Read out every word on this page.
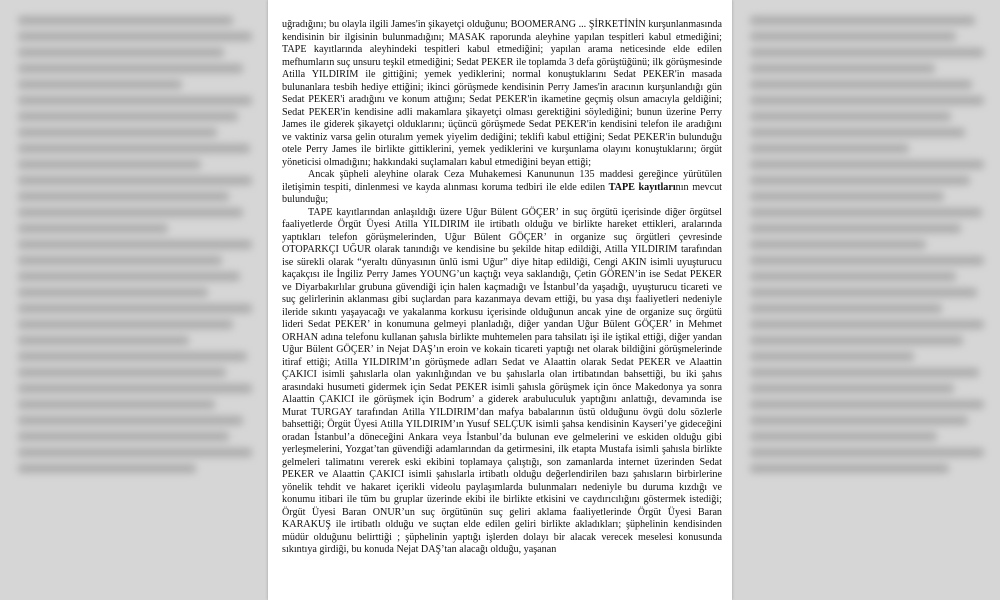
uğradığını; bu olayla ilgili James'in şikayetçi olduğunu; BOOMERANG ... ŞİRKETİNİN kurşunlanmasında kendisinin bir ilgisinin bulunmadığını; MASAK raporunda aleyhine yapılan tespitleri kabul etmediğini; TAPE kayıtlarında aleyhindeki tespitleri kabul etmediğini; yapılan arama neticesinde elde edilen mefhumların suç unsuru teşkil etmediğini; Sedat PEKER ile toplamda 3 defa görüştüğünü; ilk görüşmesinde Atilla YILDIRIM ile gittiğini; yemek yediklerini; normal konuştuklarını Sedat PEKER'in masada bulunanlara tesbih hediye ettiğini; ikinci görüşmede kendisinin Perry James'in aracının kurşunlandığı gün Sedat PEKER'i aradığını ve konum attığını; Sedat PEKER'in ikametine geçmiş olsun amacıyla geldiğini; Sedat PEKER'in kendisine adli makamlara şikayetçi olması gerektiğini söylediğini; bunun üzerine Perry James ile giderek şikayetçi olduklarını; üçüncü görüşmede Sedat PEKER'in kendisini telefon ile aradığını ve vaktiniz varsa gelin oturalım yemek yiyelim dediğini; teklifi kabul ettiğini; Sedat PEKER'in bulunduğu otele Perry James ile birlikte gittiklerini, yemek yediklerini ve kurşunlama olayını konuştuklarını; örgüt yöneticisi olmadığını; hakkındaki suçlamaları kabul etmediğini beyan ettiği;

Ancak şüpheli aleyhine olarak Ceza Muhakemesi Kanununun 135 maddesi gereğince yürütülen iletişimin tespiti, dinlenmesi ve kayda alınması koruma tedbiri ile elde edilen TAPE kayıtlarının mevcut bulunduğu;

TAPE kayıtlarından anlaşıldığı üzere Uğur Bülent GÖÇER’ in suç örgütü içerisinde diğer örgütsel faaliyetlerde Örgüt Üyesi Atilla YILDIRIM ile irtibatlı olduğu ve birlikte hareket ettikleri, aralarında yaptıkları telefon görüşmelerinden, Uğur Bülent GÖÇER’ in organize suç örgütleri çevresinde OTOPARKÇI UĞUR olarak tanındığı ve kendisine bu şekilde hitap edildiği, Atilla YILDIRIM tarafından ise sürekli olarak “yeraltı dünyasının ünlü ismi Uğur” diye hitap edildiği, Cengi AKIN isimli uyuşturucu kaçakçısı ile İngiliz Perry James YOUNG’un kaçtığı veya saklandığı, Çetin GÖREN’in ise Sedat PEKER ve Diyarbakırlılar grubuna güvendiği için halen kaçmadığı ve İstanbul’da yaşadığı, uyuşturucu ticareti ve suç gelirlerinin aklanması gibi suçlardan para kazanmaya devam ettiği, bu yasa dışı faaliyetleri nedeniyle ileride sıkıntı yaşayacağı ve yakalanma korkusu içerisinde olduğunun ancak yine de organize suç örgütü lideri Sedat PEKER’ in konumuna gelmeyi planladığı, diğer yandan Uğur Bülent GÖÇER’ in Mehmet ORHAN adına telefonu kullanan şahısla birlikte muhtemelen para tahsilatı işi ile iştikal ettiği, diğer yandan Uğur Bülent GÖÇER’ in Nejat DAŞ’ın eroin ve kokain ticareti yaptığı net olarak bildiğini görüşmelerinde itiraf ettiği; Atilla YILDIRIM’ın görüşmede adları Sedat ve Alaattin olarak Sedat PEKER ve Alaattin ÇAKICI isimli şahıslarla olan yakınlığından ve bu şahıslarla olan irtibatından bahsettiği, bu iki şahıs arasındaki husumeti gidermek için Sedat PEKER isimli şahısla görüşmek için önce Makedonya ya sonra Alaattin ÇAKICI ile görüşmek için Bodrum’ a giderek arabuluculuk yaptığını anlattığı, devamında ise Murat TURGAY tarafından Atilla YILDIRIM’dan mafya babalarının üstü olduğunu övgü dolu sözlerle bahsettiği; Örgüt Üyesi Atilla YILDIRIM’ın Yusuf SELÇUK isimli şahsa kendisinin Kayseri’ye gideceğini oradan İstanbul’a döneceğini Ankara veya İstanbul’da bulunan eve gelmelerini ve eskiden olduğu gibi yerleşmelerini, Yozgat’tan güvendiği adamlarından da getirmesini, ilk etapta Mustafa isimli şahısla birlikte gelmeleri talimatını vererek eski ekibini toplamaya çalıştığı, son zamanlarda internet üzerinden Sedat PEKER ve Alaattin ÇAKICI isimli şahıslarla irtibatlı olduğu değerlendirilen bazı şahısların birbirlerine yönelik tehdit ve hakaret içerikli videolu paylaşımlarda bulunmaları nedeniyle bu duruma kızdığı ve konumu itibari ile tüm bu gruplar üzerinde ekibi ile birlikte etkisini ve caydırıcılığını göstermek istediği; Örgüt Üyesi Baran ONUR’un suç örgütünün suç geliri aklama faaliyetlerinde Örgüt Üyesi Baran KARAKUŞ ile irtibatlı olduğu ve suçtan elde edilen geliri birlikte akladıkları; şüphelinin kendisinden müdür olduğunu belirttiği ; şüphelinin yaptığı işlerden dolayı bir alacak verecek meselesi konusunda sıkıntıya girdiği, bu konuda Nejat DAŞ’tan alacağı olduğu, yaşanan
